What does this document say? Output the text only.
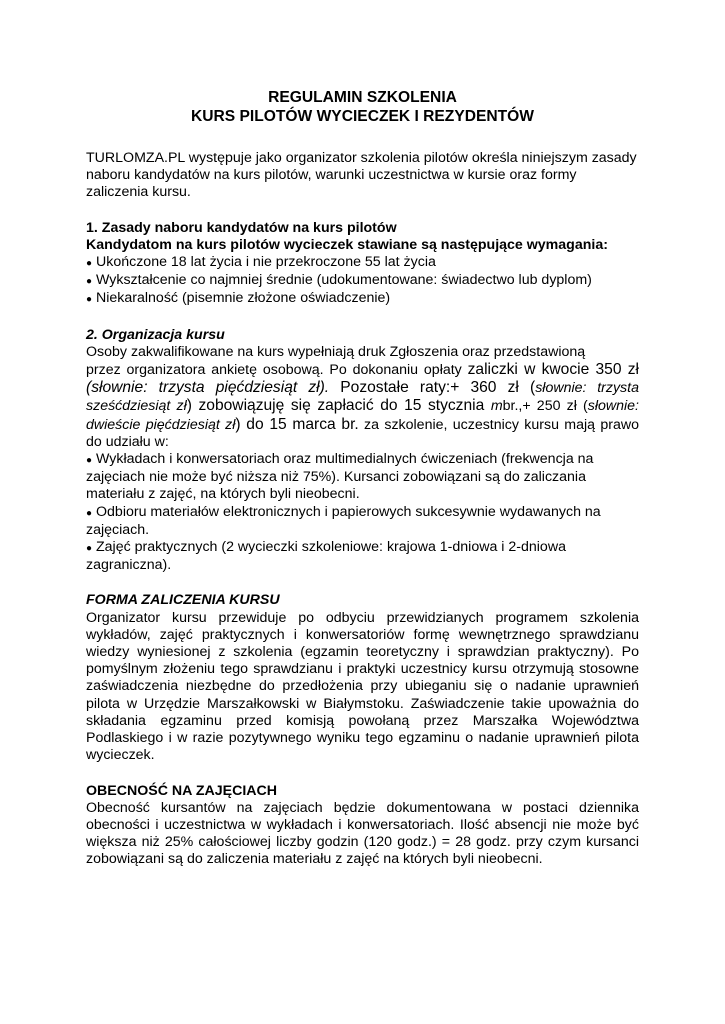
REGULAMIN SZKOLENIA
KURS PILOTÓW WYCIECZEK I REZYDENTÓW

TURLOMZA.PL występuje jako organizator szkolenia pilotów określa niniejszym zasady naboru kandydatów na kurs pilotów, warunki uczestnictwa w kursie oraz formy zaliczenia kursu.

1. Zasady naboru kandydatów na kurs pilotów
Kandydatom na kurs pilotów wycieczek stawiane są następujące wymagania:
● Ukończone 18 lat życia i nie przekroczone 55 lat życia
● Wykształcenie co najmniej średnie (udokumentowane: świadectwo lub dyplom)
● Niekaralność (pisemnie złożone oświadczenie)
2. Organizacja kursu
Osoby zakwalifikowane na kurs wypełniają druk Zgłoszenia oraz przedstawioną

przez organizatora ankietę osobową. Po dokonaniu opłaty zaliczki w kwocie 350 zł (słownie: trzysta pięćdziesiąt zł). Pozostałe raty:+ 360 zł (słownie: trzysta sześćdziesiąt zł) zobowiązuję się zapłacić do 15 stycznia mbr.,+ 250 zł (słownie: dwieście pięćdziesiąt zł) do 15 marca br. za szkolenie, uczestnicy kursu mają prawo do udziału w:

● Wykładach i konwersatoriach oraz multimedialnych ćwiczeniach (frekwencja na zajęciach nie może być niższa niż 75%). Kursanci zobowiązani są do zaliczania materiału z zajęć, na których byli nieobecni.
● Odbioru materiałów elektronicznych i papierowych sukcesywnie wydawanych na zajęciach.
● Zajęć praktycznych (2 wycieczki szkoleniowe: krajowa 1-dniowa i 2-dniowa zagraniczna).
FORMA ZALICZENIA KURSU

Organizator kursu przewiduje po odbyciu przewidzianych programem szkolenia wykładów, zajęć praktycznych i konwersatoriów formę wewnętrznego sprawdzianu wiedzy wyniesionej z szkolenia (egzamin teoretyczny i sprawdzian praktyczny). Po pomyślnym złożeniu tego sprawdzianu i praktyki uczestnicy kursu otrzymują stosowne zaświadczenia niezbędne do przedłożenia przy ubieganiu się o nadanie uprawnień pilota w Urzędzie Marszałkowski w Białymstoku. Zaświadczenie takie upoważnia do składania egzaminu przed komisją powołaną przez Marszałka Województwa Podlaskiego i w razie pozytywnego wyniku tego egzaminu o nadanie uprawnień pilota wycieczek.

OBECNOŚĆ NA ZAJĘCIACH

Obecność kursantów na zajęciach będzie dokumentowana w postaci dziennika obecności i uczestnictwa w wykładach i konwersatoriach. Ilość absencji nie może być większa niż 25% całościowej liczby godzin (120 godz.) = 28 godz. przy czym kursanci zobowiązani są do zaliczenia materiału z zajęć na których byli nieobecni.
